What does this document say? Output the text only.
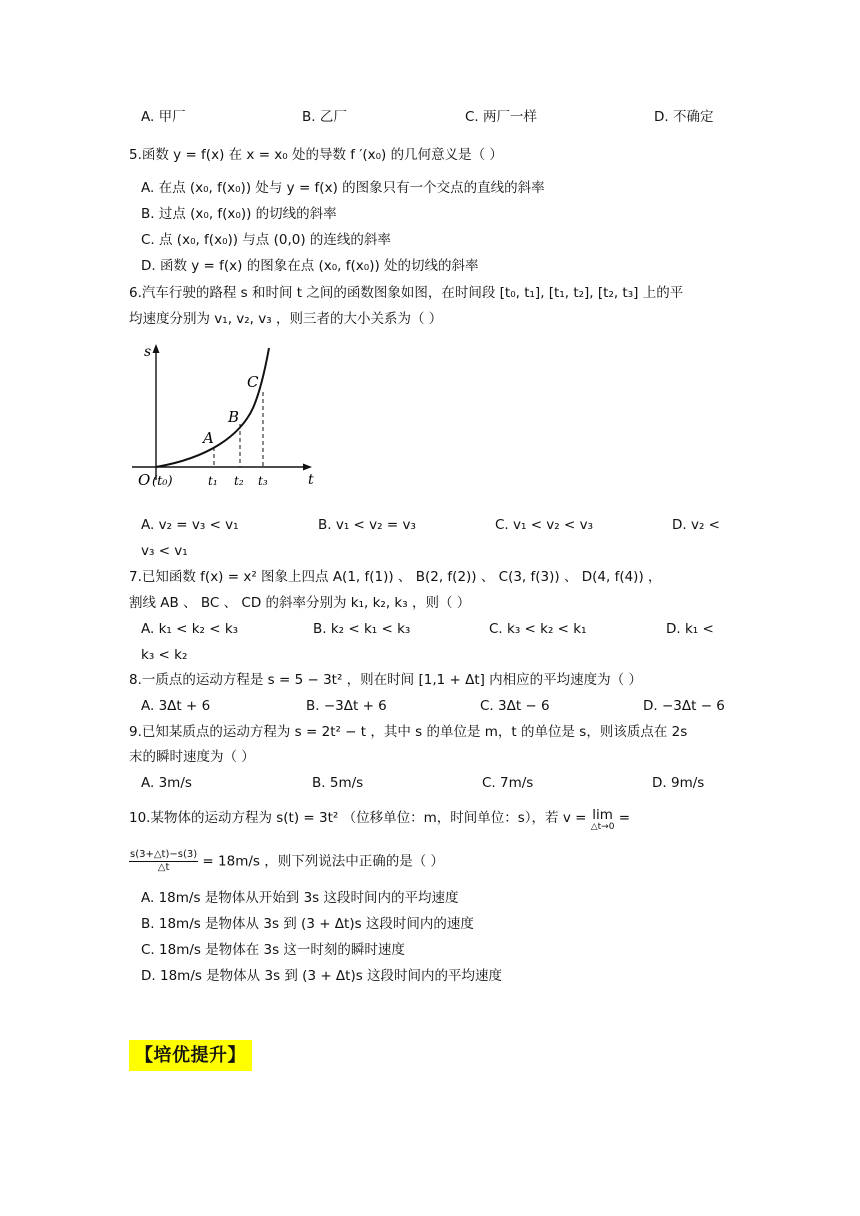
A. 甲厂	B. 乙厂	C. 两厂一样	D. 不确定
5.函数 y = f(x) 在 x = x₀ 处的导数 f ′(x₀) 的几何意义是（ ）
A. 在点 (x₀, f(x₀)) 处与 y = f(x) 的图象只有一个交点的直线的斜率
B. 过点 (x₀, f(x₀)) 的切线的斜率
C. 点 (x₀, f(x₀)) 与点 (0,0) 的连线的斜率
D. 函数 y = f(x) 的图象在点 (x₀, f(x₀)) 处的切线的斜率
6.汽车行驶的路程 s 和时间 t 之间的函数图象如图，在时间段 [t₀, t₁], [t₁, t₂], [t₂, t₃] 上的平
均速度分别为 v₁, v₂, v₃ ，则三者的大小关系为（ ）
s
t
O (t₀)	t₁ t₂ t₃
A
B
C
A. v₂ = v₃ < v₁	B. v₁ < v₂ = v₃	C. v₁ < v₂ < v₃	D. v₂ <
v₃ < v₁
7.已知函数 f(x) = x² 图象上四点 A(1, f(1)) 、 B(2, f(2)) 、 C(3, f(3)) 、 D(4, f(4)) ，
割线 AB 、 BC 、 CD 的斜率分别为 k₁, k₂, k₃ ，则（ ）
A. k₁ < k₂ < k₃	B. k₂ < k₁ < k₃	C. k₃ < k₂ < k₁	D. k₁ <
k₃ < k₂
8.一质点的运动方程是 s = 5 − 3t² ，则在时间 [1,1 + Δt] 内相应的平均速度为（ ）
A. 3Δt + 6	B. −3Δt + 6	C. 3Δt − 6	D. −3Δt − 6
9.已知某质点的运动方程为 s = 2t² − t ，其中 s 的单位是 m，t 的单位是 s，则该质点在 2s
末的瞬时速度为（ ）
A. 3m/s	B. 5m/s	C. 7m/s	D. 9m/s
10.某物体的运动方程为 s(t) = 3t² （位移单位：m，时间单位：s），若 v = lim
△t→0
=
$\frac{s(3+\triangle t)-s(3)}{\triangle t} = 18m/s$ ，则下列说法中正确的是（ ）
A. 18m/s 是物体从开始到 3s 这段时间内的平均速度
B. 18m/s 是物体从 3s 到 (3 + Δt)s 这段时间内的速度
C. 18m/s 是物体在 3s 这一时刻的瞬时速度
D. 18m/s 是物体从 3s 到 (3 + Δt)s 这段时间内的平均速度
【培优提升】
